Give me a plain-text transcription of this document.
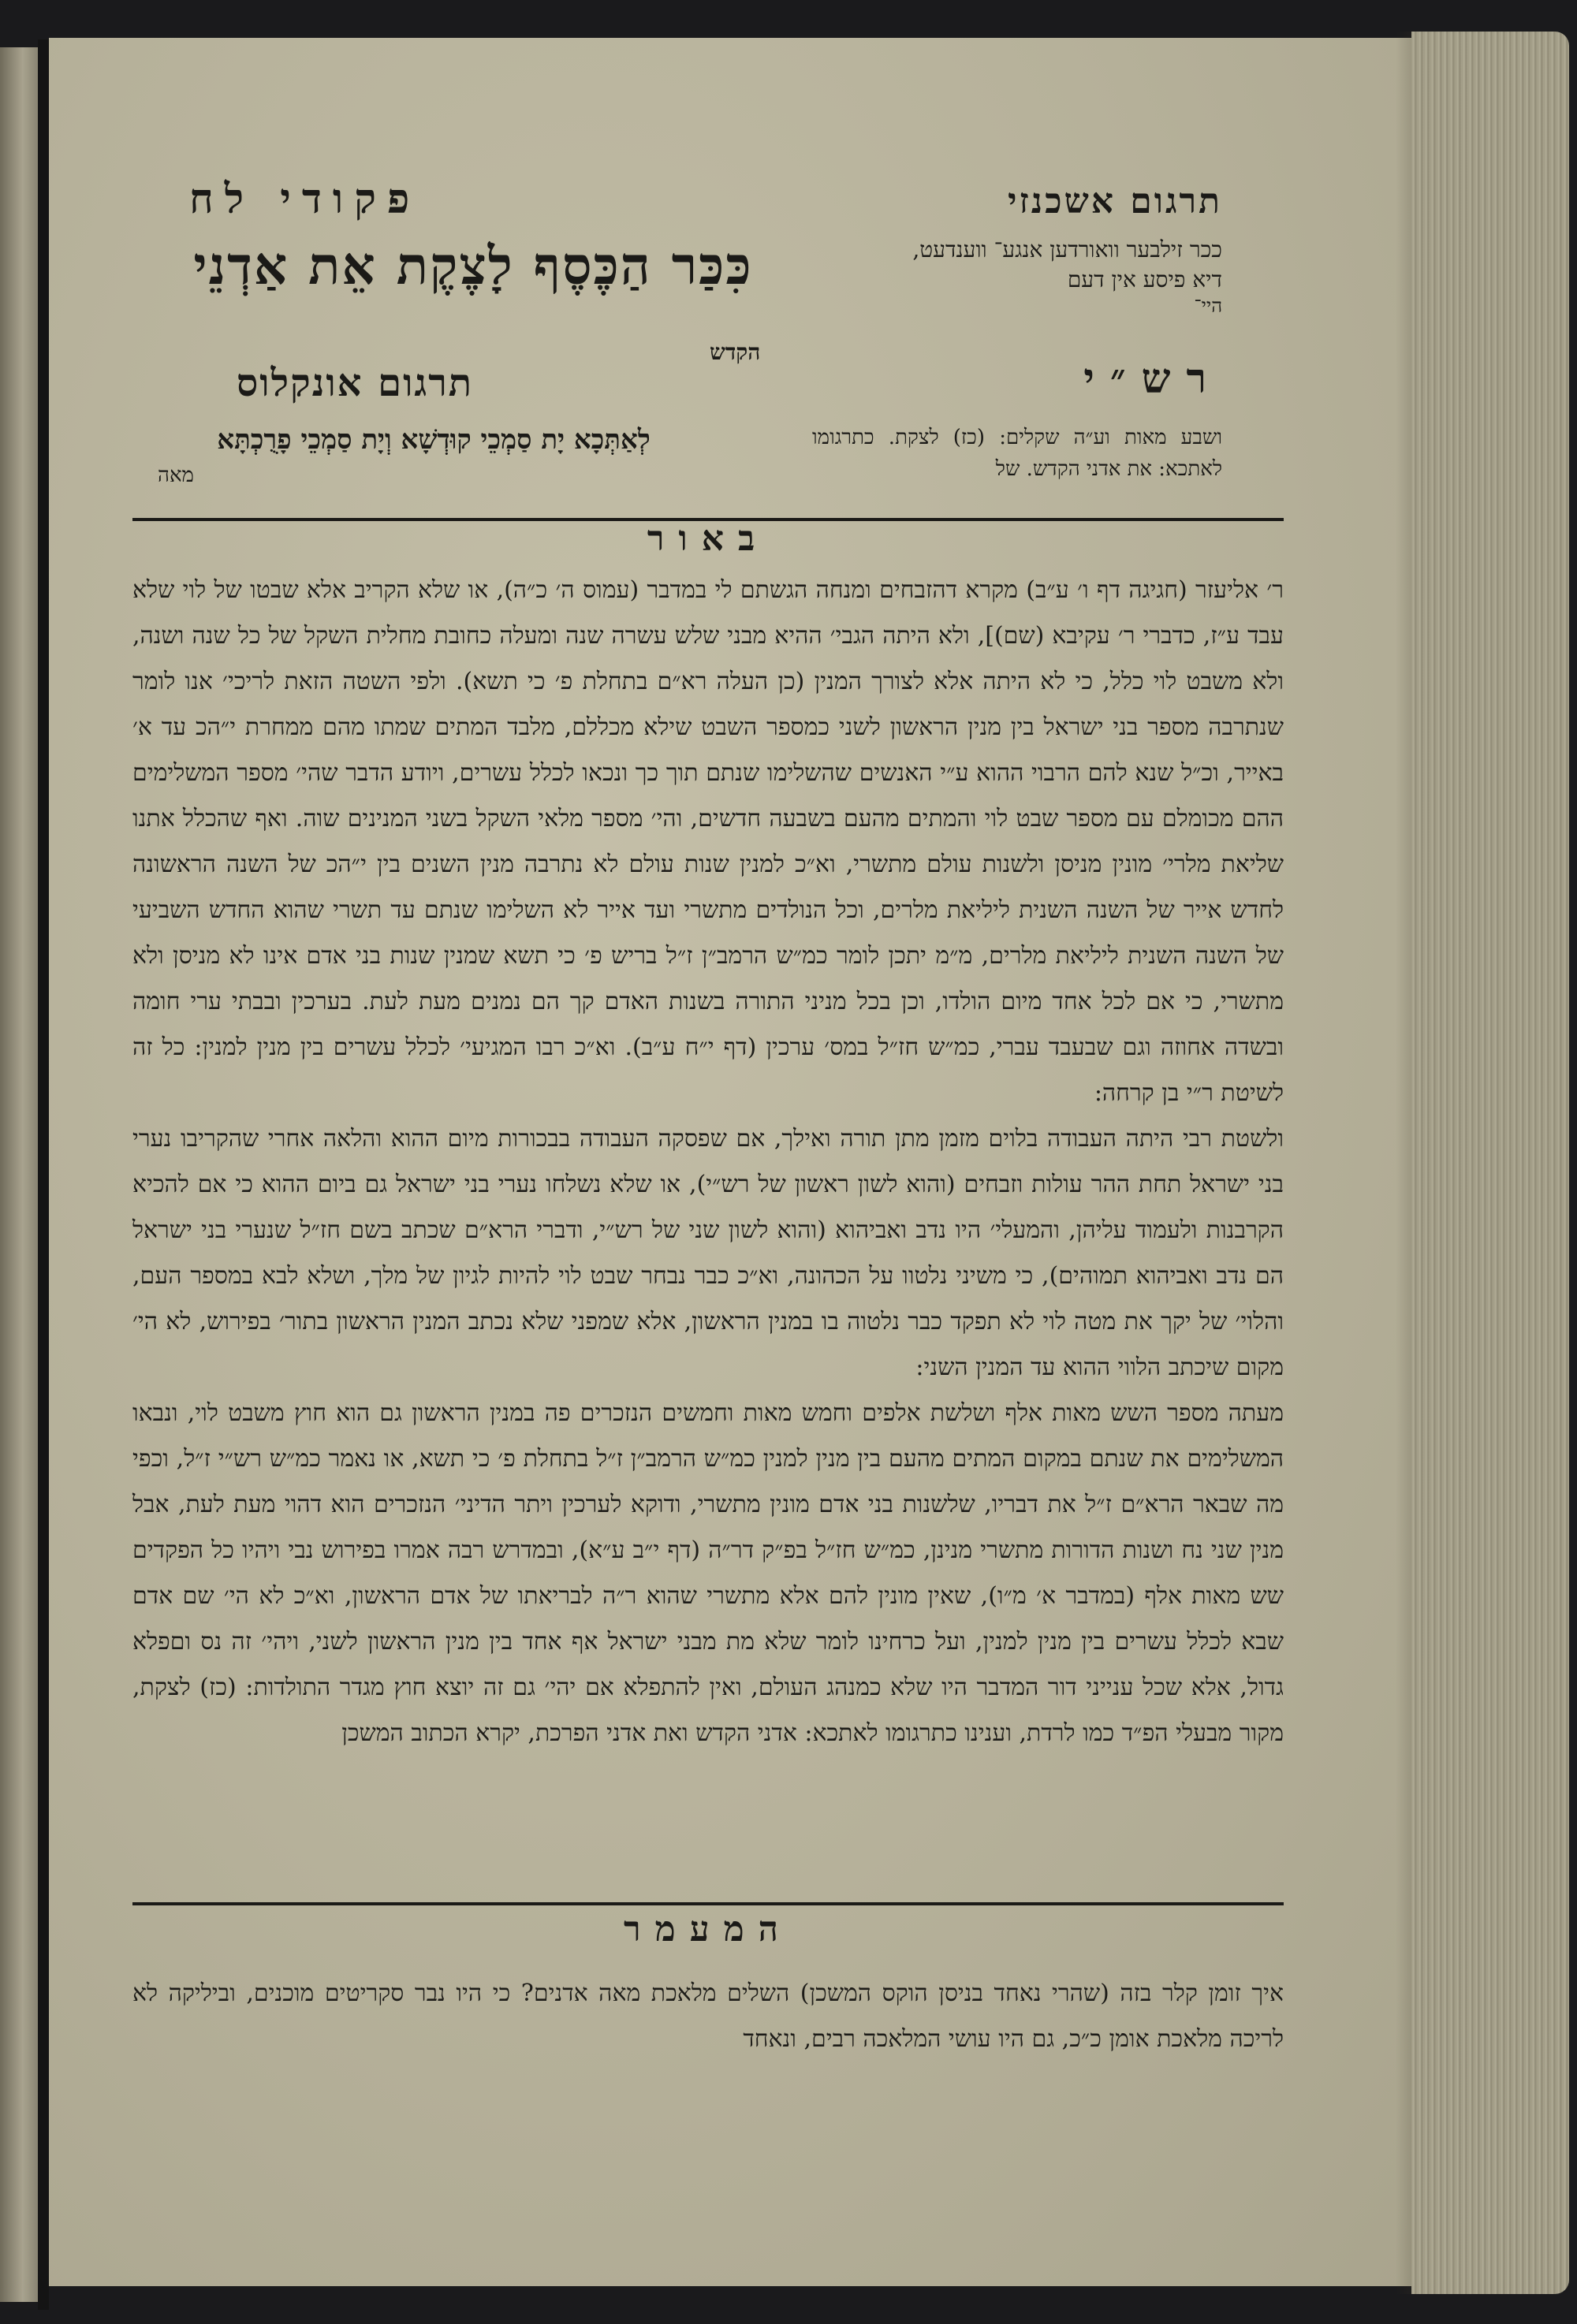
תרגום אשכנזי
פקודי לח
כִּכַּר הַכֶּסֶף לָצֶקֶת אֵת אַדְנֵי	ככר זילבער וואורדען אנגע־ ווענדעט, דיא פיסע אין דעם
היי־
הקדש
רש״י
תרגום אונקלוס
ושבע מאות וע״ה שקלים: (כז) לצקת. כתרגומו לאתכא: את אדני הקדש. של
לְאַתְּכָא יָת סַמְכֵי קוּדְשָׁא וְיָת סַמְכֵי פָרֻכְתָּא
מאה
באור

ר׳ אליעזר (חגיגה דף ו׳ ע״ב) מקרא דהזבחים ומנחה הגשתם לי במדבר (עמוס ה׳ כ״ה), או שלא הקריב אלא שבטו של לוי שלא עבד ע״ז, כדברי ר׳ עקיבא (שם)], ולא היתה הגבי׳ ההיא מבני שלש עשרה שנה ומעלה כחובת מחלית השקל של כל שנה ושנה, ולא משבט לוי כלל, כי לא היתה אלא לצורך המנין (כן העלה רא״ם בתחלת פ׳ כי תשא). ולפי השטה הזאת לריכי׳ אנו לומר שנתרבה מספר בני ישראל בין מנין הראשון לשני כמספר השבט שילא מכללם, מלבד המתים שמתו מהם ממחרת י״הכ עד א׳ באייר, וכ״ל שנא להם הרבוי ההוא ע״י האנשים שהשלימו שנתם תוך כך ונכאו לכלל עשרים, ויודע הדבר שהי׳ מספר המשלימים ההם מכומלם עם מספר שבט לוי והמתים מהעם בשבעה חדשים, והי׳ מספר מלאי השקל בשני המנינים שוה. ואף שהכלל אתנו שליאת מלרי׳ מונין מניסן ולשנות עולם מתשרי, וא״כ למנין שנות עולם לא נתרבה מנין השנים בין י״הכ של השנה הראשונה לחדש אייר של השנה השנית ליליאת מלרים, וכל הנולדים מתשרי ועד אייר לא השלימו שנתם עד תשרי שהוא החדש השביעי של השנה השנית ליליאת מלרים, מ״מ יתכן לומר כמ״ש הרמב״ן ז״ל בריש פ׳ כי תשא שמנין שנות בני אדם אינו לא מניסן ולא מתשרי, כי אם לכל אחד מיום הולדו, וכן בכל מניני התורה בשנות האדם קך הם נמנים מעת לעת. בערכין ובבתי ערי חומה ובשדה אחוזה וגם שבעבד עברי, כמ״ש חז״ל במס׳ ערכין (דף י״ח ע״ב). וא״כ רבו המגיעי׳ לכלל עשרים בין מנין למנין: כל זה לשיטת ר״י בן קרחה:

ולשטת רבי היתה העבודה בלוים מזמן מתן תורה ואילך, אם שפסקה העבודה בבכורות מיום ההוא והלאה אחרי שהקריבו נערי בני ישראל תחת ההר עולות וזבחים (והוא לשון ראשון של רש״י), או שלא נשלחו נערי בני ישראל גם ביום ההוא כי אם להכיא הקרבנות ולעמוד עליהן, והמעלי׳ היו נדב ואביהוא (והוא לשון שני של רש״י, ודברי הרא״ם שכתב בשם חז״ל שנערי בני ישראל הם נדב ואביהוא תמוהים), כי משיני נלטוו על הכהונה, וא״כ כבר נבחר שבט לוי להיות לגיון של מלך, ושלא לבא במספר העם, והלוי׳ של יקך את מטה לוי לא תפקד כבר נלטוה בו במנין הראשון, אלא שמפני שלא נכתב המנין הראשון בתור׳ בפירוש, לא הי׳ מקום שיכתב הלווי ההוא עד המנין השני:

מעתה מספר השש מאות אלף ושלשת אלפים וחמש מאות וחמשים הנזכרים פה במנין הראשון גם הוא חוץ משבט לוי, ונבאו המשלימים את שנתם במקום המתים מהעם בין מנין למנין כמ״ש הרמב״ן ז״ל בתחלת פ׳ כי תשא, או נאמר כמ״ש רש״י ז״ל, וכפי מה שבאר הרא״ם ז״ל את דבריו, שלשנות בני אדם מונין מתשרי, ודוקא לערכין ויתר הדיני׳ הנזכרים הוא דהוי מעת לעת, אבל מנין שני נח ושנות הדורות מתשרי מנינן, כמ״ש חז״ל בפ״ק דר״ה (דף י״ב ע״א), ובמדרש רבה אמרו בפירוש נבי ויהיו כל הפקדים שש מאות אלף (במדבר א׳ מ״ו), שאין מונין להם אלא מתשרי שהוא ר״ה לבריאתו של אדם הראשון, וא״כ לא הי׳ שם אדם שבא לכלל עשרים בין מנין למנין, ועל כרחינו לומר שלא מת מבני ישראל אף אחד בין מנין הראשון לשני, ויהי׳ זה נס וםפלא גדול, אלא שכל ענייני דור המדבר היו שלא כמנהג העולם, ואין להתפלא אם יהי׳ גם זה יוצא חוץ מגדר התולדות: (כז) לצקת, מקור מבעלי הפ״ד כמו לרדת, וענינו כתרגומו לאתכא: אדני הקדש ואת אדני הפרכת, יקרא הכתוב המשכן

המעמר
איך זומן קלר בזה (שהרי נאחד בניסן הוקס המשכן) השלים מלאכת מאה אדנים? כי היו נבר סקריטים מוכנים, וביליקה לא לריכה מלאכת אומן כ״כ, גם היו עושי המלאכה רבים, ונאחד
